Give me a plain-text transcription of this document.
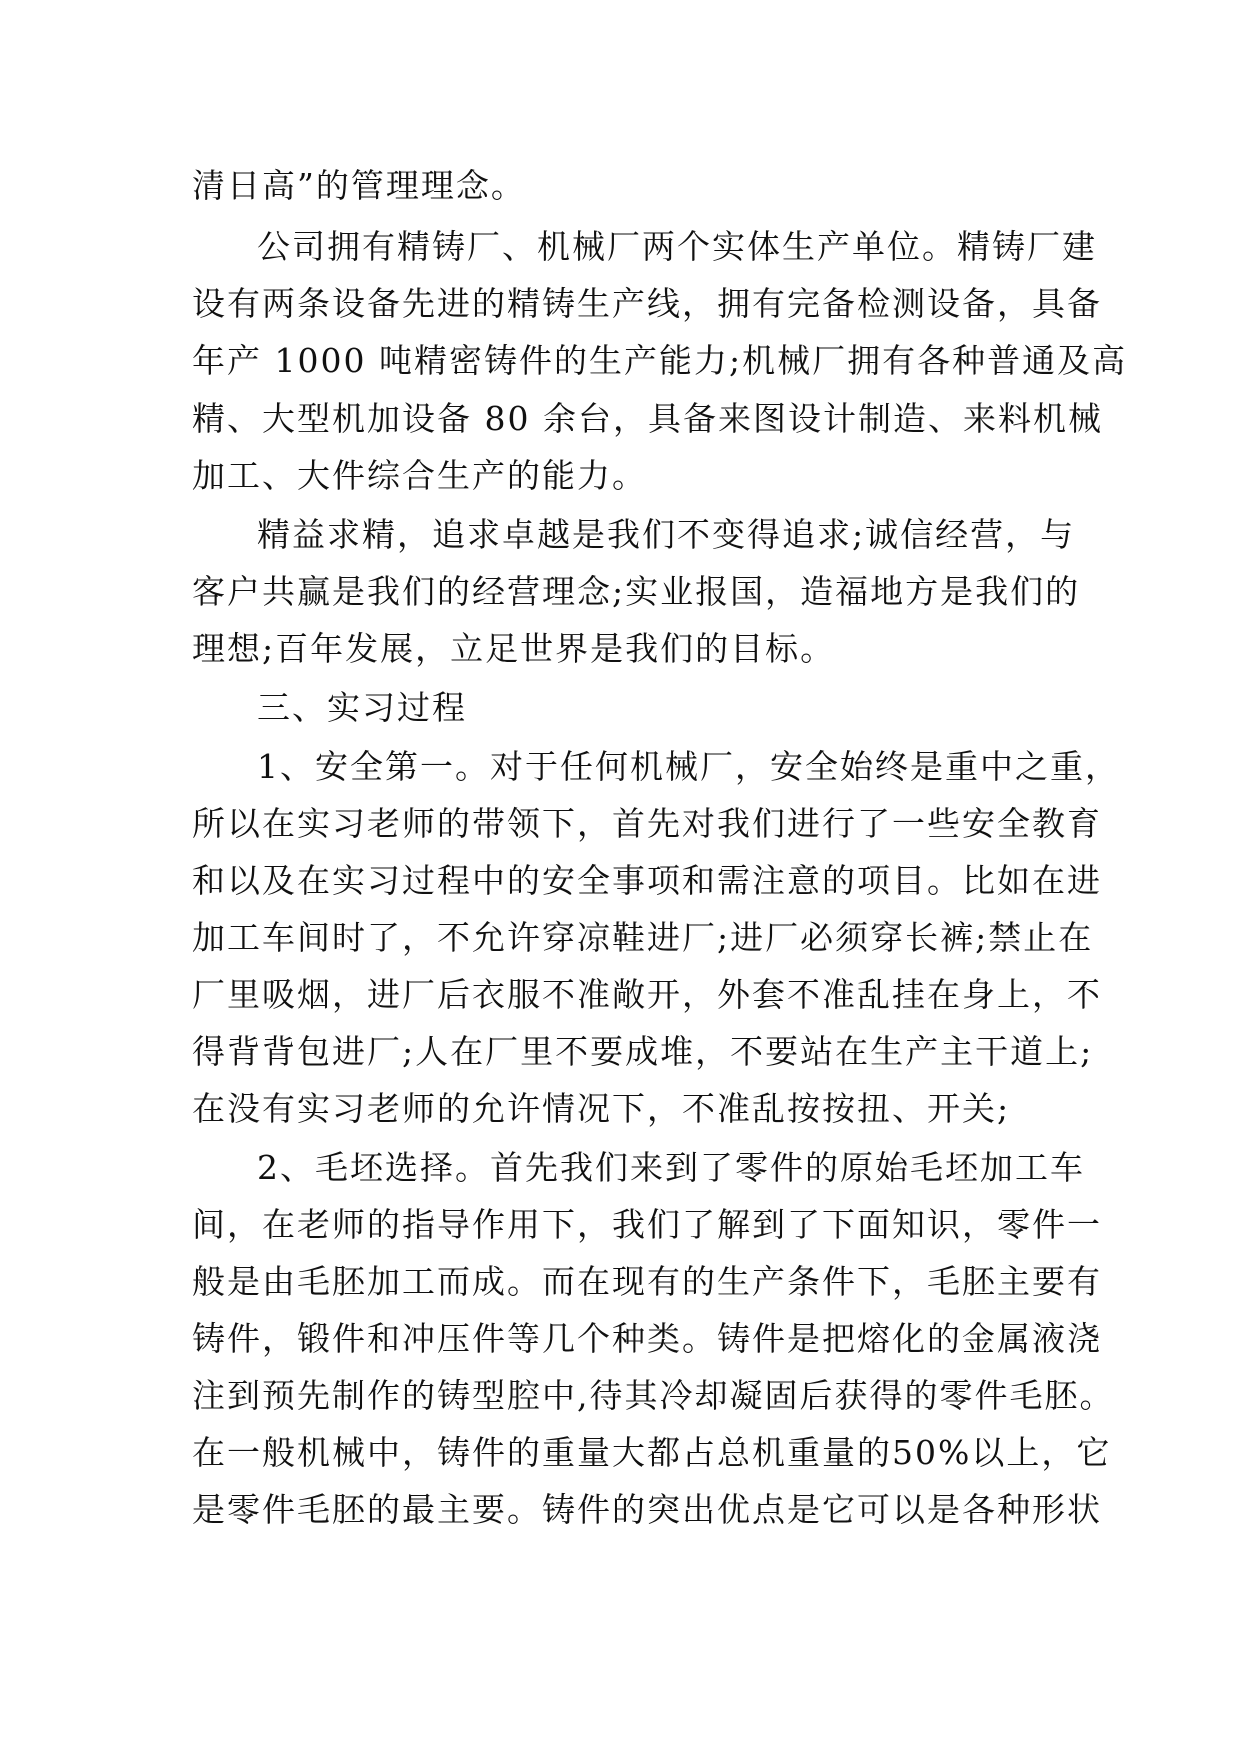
清日高”的管理理念。
公司拥有精铸厂、机械厂两个实体生产单位。精铸厂建
设有两条设备先进的精铸生产线，拥有完备检测设备，具备
年产 1000 吨精密铸件的生产能力;机械厂拥有各种普通及高
精、大型机加设备 80 余台，具备来图设计制造、来料机械
加工、大件综合生产的能力。
精益求精，追求卓越是我们不变得追求;诚信经营，与
客户共赢是我们的经营理念;实业报国，造福地方是我们的
理想;百年发展，立足世界是我们的目标。
三、实习过程
1、安全第一。对于任何机械厂，安全始终是重中之重，
所以在实习老师的带领下，首先对我们进行了一些安全教育
和以及在实习过程中的安全事项和需注意的项目。比如在进
加工车间时了，不允许穿凉鞋进厂;进厂必须穿长裤;禁止在
厂里吸烟，进厂后衣服不准敞开，外套不准乱挂在身上，不
得背背包进厂;人在厂里不要成堆，不要站在生产主干道上;
在没有实习老师的允许情况下，不准乱按按扭、开关;
2、毛坯选择。首先我们来到了零件的原始毛坯加工车
间，在老师的指导作用下，我们了解到了下面知识，零件一
般是由毛胚加工而成。而在现有的生产条件下，毛胚主要有
铸件，锻件和冲压件等几个种类。铸件是把熔化的金属液浇
注到预先制作的铸型腔中,待其冷却凝固后获得的零件毛胚。
在一般机械中，铸件的重量大都占总机重量的50%以上，它
是零件毛胚的最主要。铸件的突出优点是它可以是各种形状
